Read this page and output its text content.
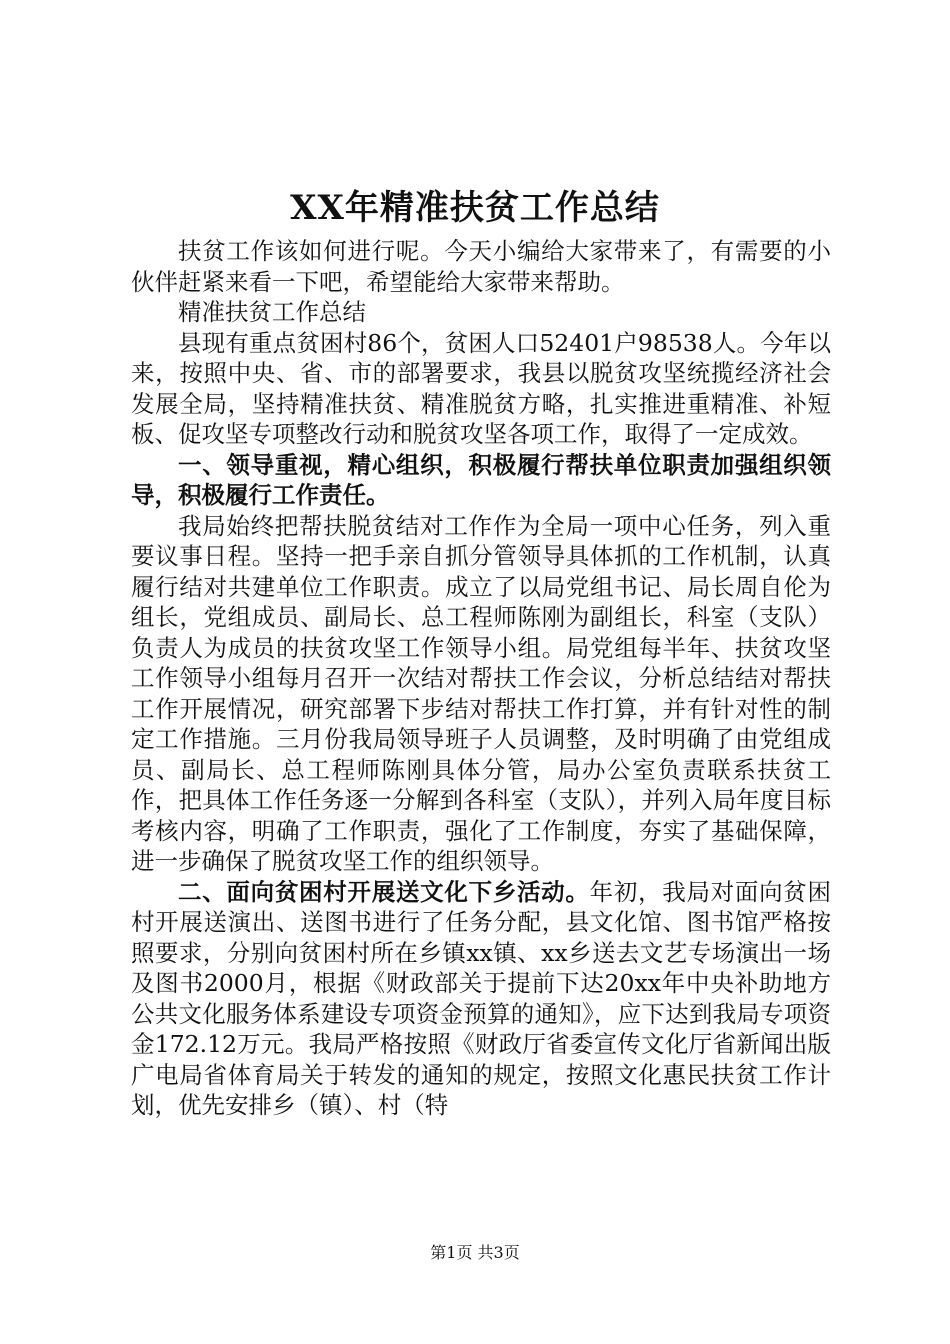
XX年精准扶贫工作总结

扶贫工作该如何进行呢。今天小编给大家带来了，有需要的小伙伴赶紧来看一下吧，希望能给大家带来帮助。

精准扶贫工作总结

县现有重点贫困村86个，贫困人口52401户98538人。今年以来，按照中央、省、市的部署要求，我县以脱贫攻坚统揽经济社会发展全局，坚持精准扶贫、精准脱贫方略，扎实推进重精准、补短板、促攻坚专项整改行动和脱贫攻坚各项工作，取得了一定成效。

一、领导重视，精心组织，积极履行帮扶单位职责加强组织领导，积极履行工作责任。

我局始终把帮扶脱贫结对工作作为全局一项中心任务，列入重要议事日程。坚持一把手亲自抓分管领导具体抓的工作机制，认真履行结对共建单位工作职责。成立了以局党组书记、局长周自伦为组长，党组成员、副局长、总工程师陈刚为副组长，科室（支队）负责人为成员的扶贫攻坚工作领导小组。局党组每半年、扶贫攻坚工作领导小组每月召开一次结对帮扶工作会议，分析总结结对帮扶工作开展情况，研究部署下步结对帮扶工作打算，并有针对性的制定工作措施。三月份我局领导班子人员调整，及时明确了由党组成员、副局长、总工程师陈刚具体分管，局办公室负责联系扶贫工作，把具体工作任务逐一分解到各科室（支队），并列入局年度目标考核内容，明确了工作职责，强化了工作制度，夯实了基础保障，进一步确保了脱贫攻坚工作的组织领导。

二、面向贫困村开展送文化下乡活动。年初，我局对面向贫困村开展送演出、送图书进行了任务分配，县文化馆、图书馆严格按照要求，分别向贫困村所在乡镇xx镇、xx乡送去文艺专场演出一场及图书2000月，根据《财政部关于提前下达20xx年中央补助地方公共文化服务体系建设专项资金预算的通知》，应下达到我局专项资金172.12万元。我局严格按照《财政厅省委宣传文化厅省新闻出版广电局省体育局关于转发的通知的规定，按照文化惠民扶贫工作计划，优先安排乡（镇）、村（特

第1页 共3页
